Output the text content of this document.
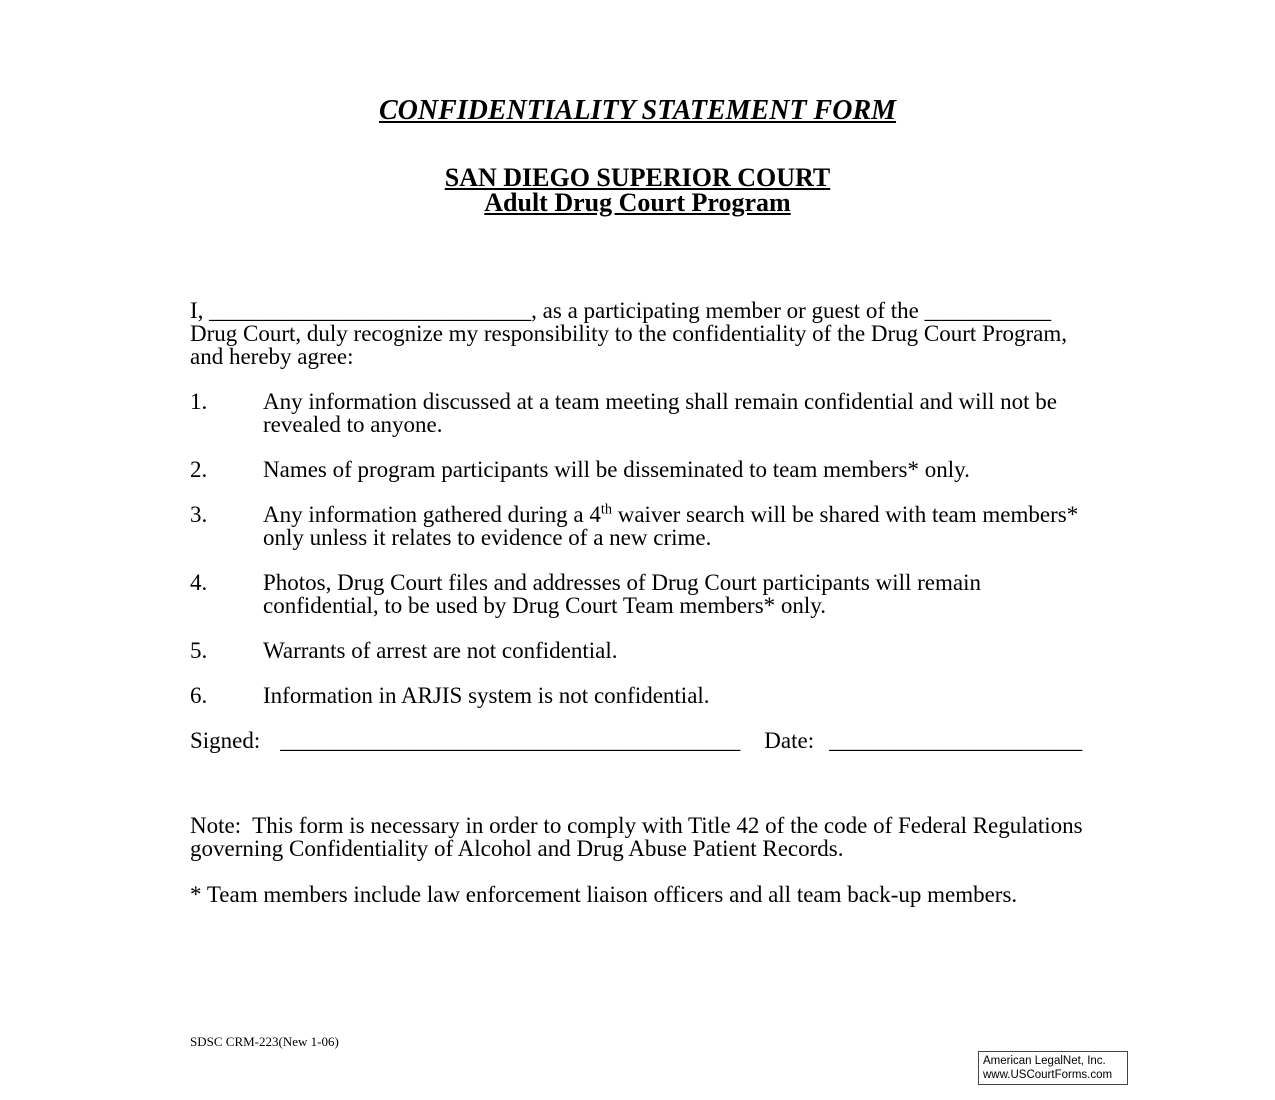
CONFIDENTIALITY STATEMENT FORM
SAN DIEGO SUPERIOR COURT
Adult Drug Court Program

I, ____________________________, as a participating member or guest of the ___________ Drug Court, duly recognize my responsibility to the confidentiality of the Drug Court Program, and hereby agree:

1.	Any information discussed at a team meeting shall remain confidential and will not be revealed to anyone.
2.	Names of program participants will be disseminated to team members* only.
3.	Any information gathered during a 4th waiver search will be shared with team members* only unless it relates to evidence of a new crime.
4.	Photos, Drug Court files and addresses of Drug Court participants will remain confidential, to be used by Drug Court Team members* only.
5.	Warrants of arrest are not confidential.
6.	Information in ARJIS system is not confidential.
Signed: ________________________________________ Date: ______________________

Note:  This form is necessary in order to comply with Title 42 of the code of Federal Regulations governing Confidentiality of Alcohol and Drug Abuse Patient Records.

* Team members include law enforcement liaison officers and all team back-up members.

SDSC CRM-223(New 1-06)
American LegalNet, Inc.
www.USCourtForms.com
